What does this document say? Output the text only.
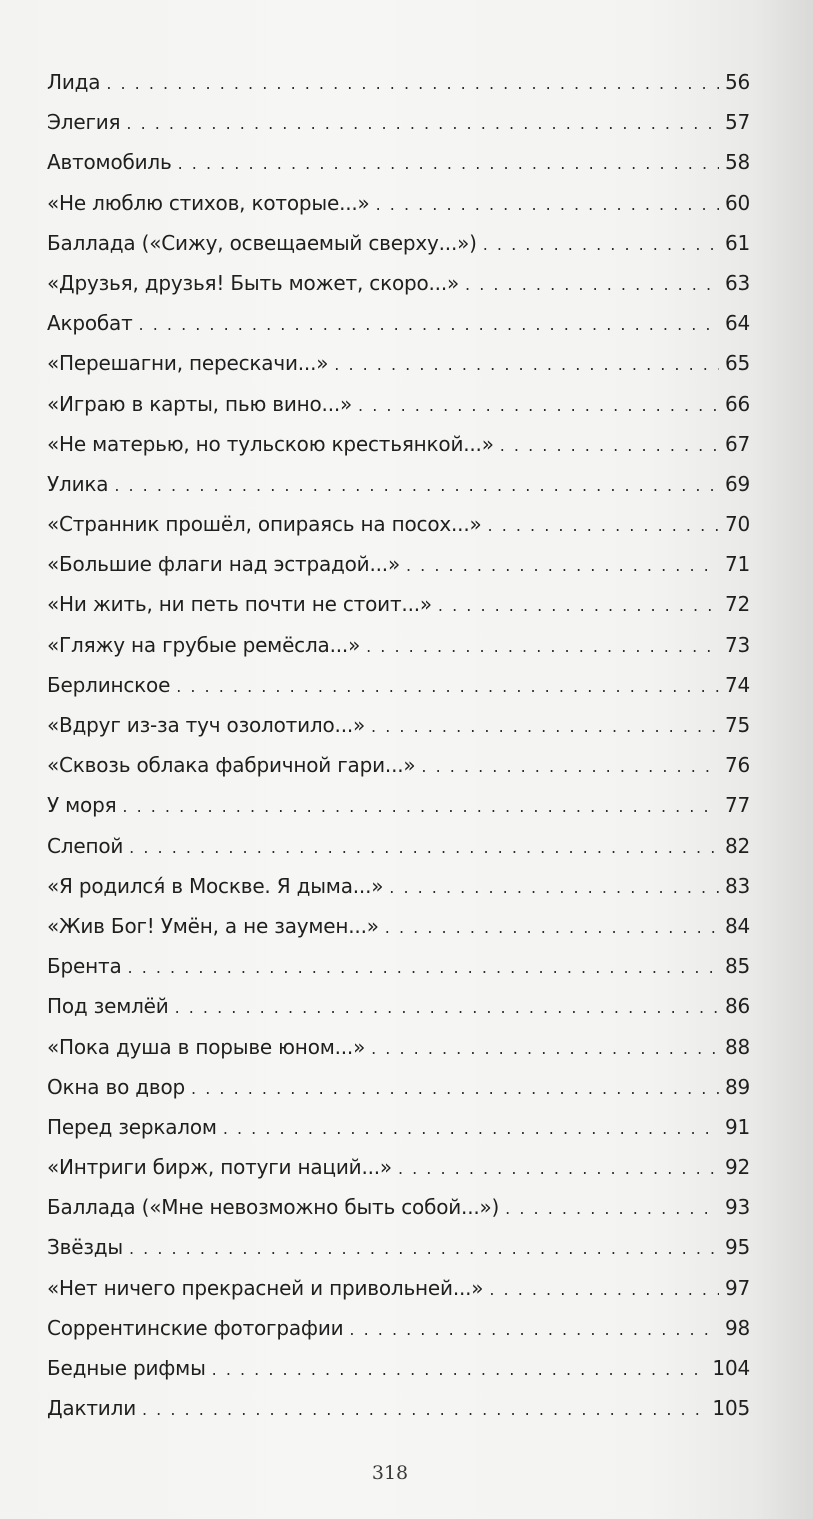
Лида . . .	56
Элегия . . .	57
Автомобиль . . .	58
«Не люблю стихов, которые...» . . .	60
Баллада («Сижу, освещаемый сверху...») . . .	61
«Друзья, друзья! Быть может, скоро...» . . .	63
Акробат . . .	64
«Перешагни, перескачи...» . . .	65
«Играю в карты, пью вино...» . . .	66
«Не матерью, но тульскою крестьянкой...» . . .	67
Улика . . .	69
«Странник прошёл, опираясь на посох...» . . .	70
«Большие флаги над эстрадой...» . . .	71
«Ни жить, ни петь почти не стоит...» . . .	72
«Гляжу на грубые ремёсла...» . . .	73
Берлинское . . .	74
«Вдруг из-за туч озолотило...» . . .	75
«Сквозь облака фабричной гари...» . . .	76
У моря . . .	77
Слепой . . .	82
«Я родился́ в Москве. Я дыма...» . . .	83
«Жив Бог! Умён, а не заумен...» . . .	84
Брента . . .	85
Под землёй . . .	86
«Пока душа в порыве юном...» . . .	88
Окна во двор . . .	89
Перед зеркалом . . .	91
«Интриги бирж, потуги наций...» . . .	92
Баллада («Мне невозможно быть собой...») . . .	93
Звёзды . . .	95
«Нет ничего прекрасней и привольней...» . . .	97
Соррентинские фотографии . . .	98
Бедные рифмы . . .	104
Дактили . . .	105
318
